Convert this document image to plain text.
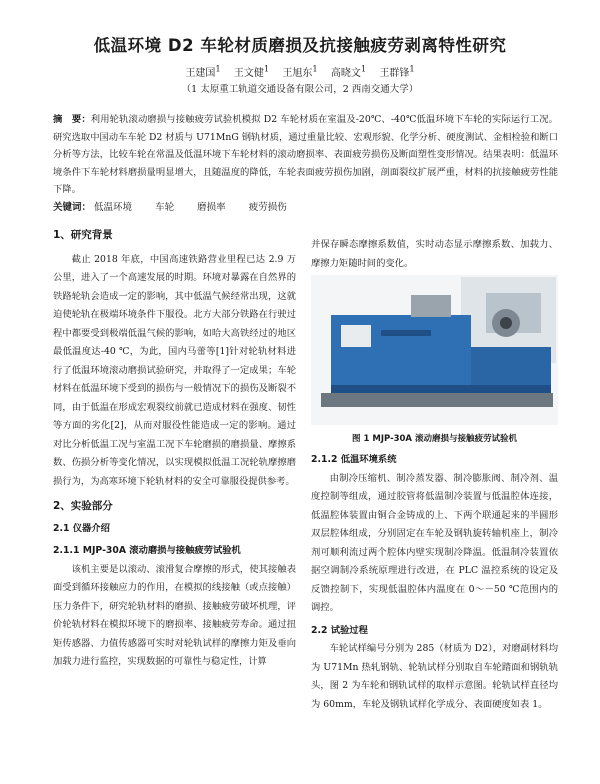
低温环境 D2 车轮材质磨损及抗接触疲劳剥离特性研究
王建国$^1$ 王文健$^1$ 王旭东$^1$ 高晓文$^1$ 王群锋$^1$
（1 太原重工轨道交通设备有限公司，2 西南交通大学）
摘　要：利用轮轨滚动磨损与接触疲劳试验机模拟 D2 车轮材质在室温及-20℃、-40℃低温环境下车轮的实际运行工况。研究选取中国动车车轮 D2 材质与 U71MnG 钢轨材质，通过重量比较、宏观形貌、化学分析、硬度测试、金相检验和断口分析等方法，比较车轮在常温及低温环境下车轮材料的滚动磨损率、表面疲劳损伤及断面塑性变形情况。结果表明：低温环境条件下车轮材料磨损量明显增大，且随温度的降低，车轮表面疲劳损伤加剧，剖面裂纹扩展严重，材料的抗接触疲劳性能下降。
关键词： 低温环境 车轮 磨损率 疲劳损伤
1、研究背景

截止 2018 年底，中国高速铁路营业里程已达 2.9 万公里，进入了一个高速发展的时期。环境对暴露在自然界的铁路轮轨会造成一定的影响，其中低温气候经常出现，这就迫使轮轨在极端环境条件下服役。北方大部分铁路在行驶过程中都要受到极端低温气候的影响，如哈大高铁经过的地区最低温度达-40 ℃，为此，国内马蕾等[1]针对轮轨材料进行了低温环境滚动磨损试验研究，并取得了一定成果；车轮材料在低温环境下受到的损伤与一般情况下的损伤及断裂不同，由于低温在形成宏观裂纹前就已造成材料在强度、韧性等方面的劣化[2]，从而对服役性能造成一定的影响。通过对比分析低温工况与室温工况下车轮磨损的磨损量、摩擦系数、伤损分析等变化情况，以实现模拟低温工况轮轨摩擦磨损行为，为高寒环境下轮轨材料的安全可靠服役提供参考。

2、实验部分
2.1 仪器介绍
2.1.1 MJP-30A 滚动磨损与接触疲劳试验机

该机主要是以滚动、滚滑复合摩擦的形式，使其接触表面受到循环接触应力的作用，在模拟的线接触（或点接触）压力条件下，研究轮轨材料的磨损、接触疲劳破坏机理，评价轮轨材料在模拟环境下的磨损率、接触疲劳寿命。通过扭矩传感器、力值传感器可实时对轮轨试样的摩擦力矩及垂向加载力进行监控，实现数据的可靠性与稳定性，计算

并保存瞬态摩擦系数值，实时动态显示摩擦系数、加载力、摩擦力矩随时间的变化。

图 1 MJP-30A 滚动磨损与接触疲劳试验机
2.1.2 低温环境系统

由制冷压缩机、制冷蒸发器、制冷膨胀阀、制冷剂、温度控制等组成，通过胶管将低温制冷装置与低温腔体连接，低温腔体装置由铜合金铸成的上、下两个联通起来的半圆形双层腔体组成，分别固定在车轮及钢轨旋转轴机座上，制冷剂可顺利流过两个腔体内壁实现制冷降温。低温制冷装置依据空调制冷系统原理进行改进，在 PLC 温控系统的设定及反馈控制下，实现低温腔体内温度在 0～－50 ℃范围内的调控。

2.2 试验过程

车轮试样编号分别为 285（材质为 D2），对磨副材料均为 U71Mn 热轧钢轨、轮轨试样分别取自车轮踏面和钢轨轨头，图 2 为车轮和钢轨试样的取样示意图。轮轨试样直径均为 60mm，车轮及钢轨试样化学成分、表面硬度如表 1。
